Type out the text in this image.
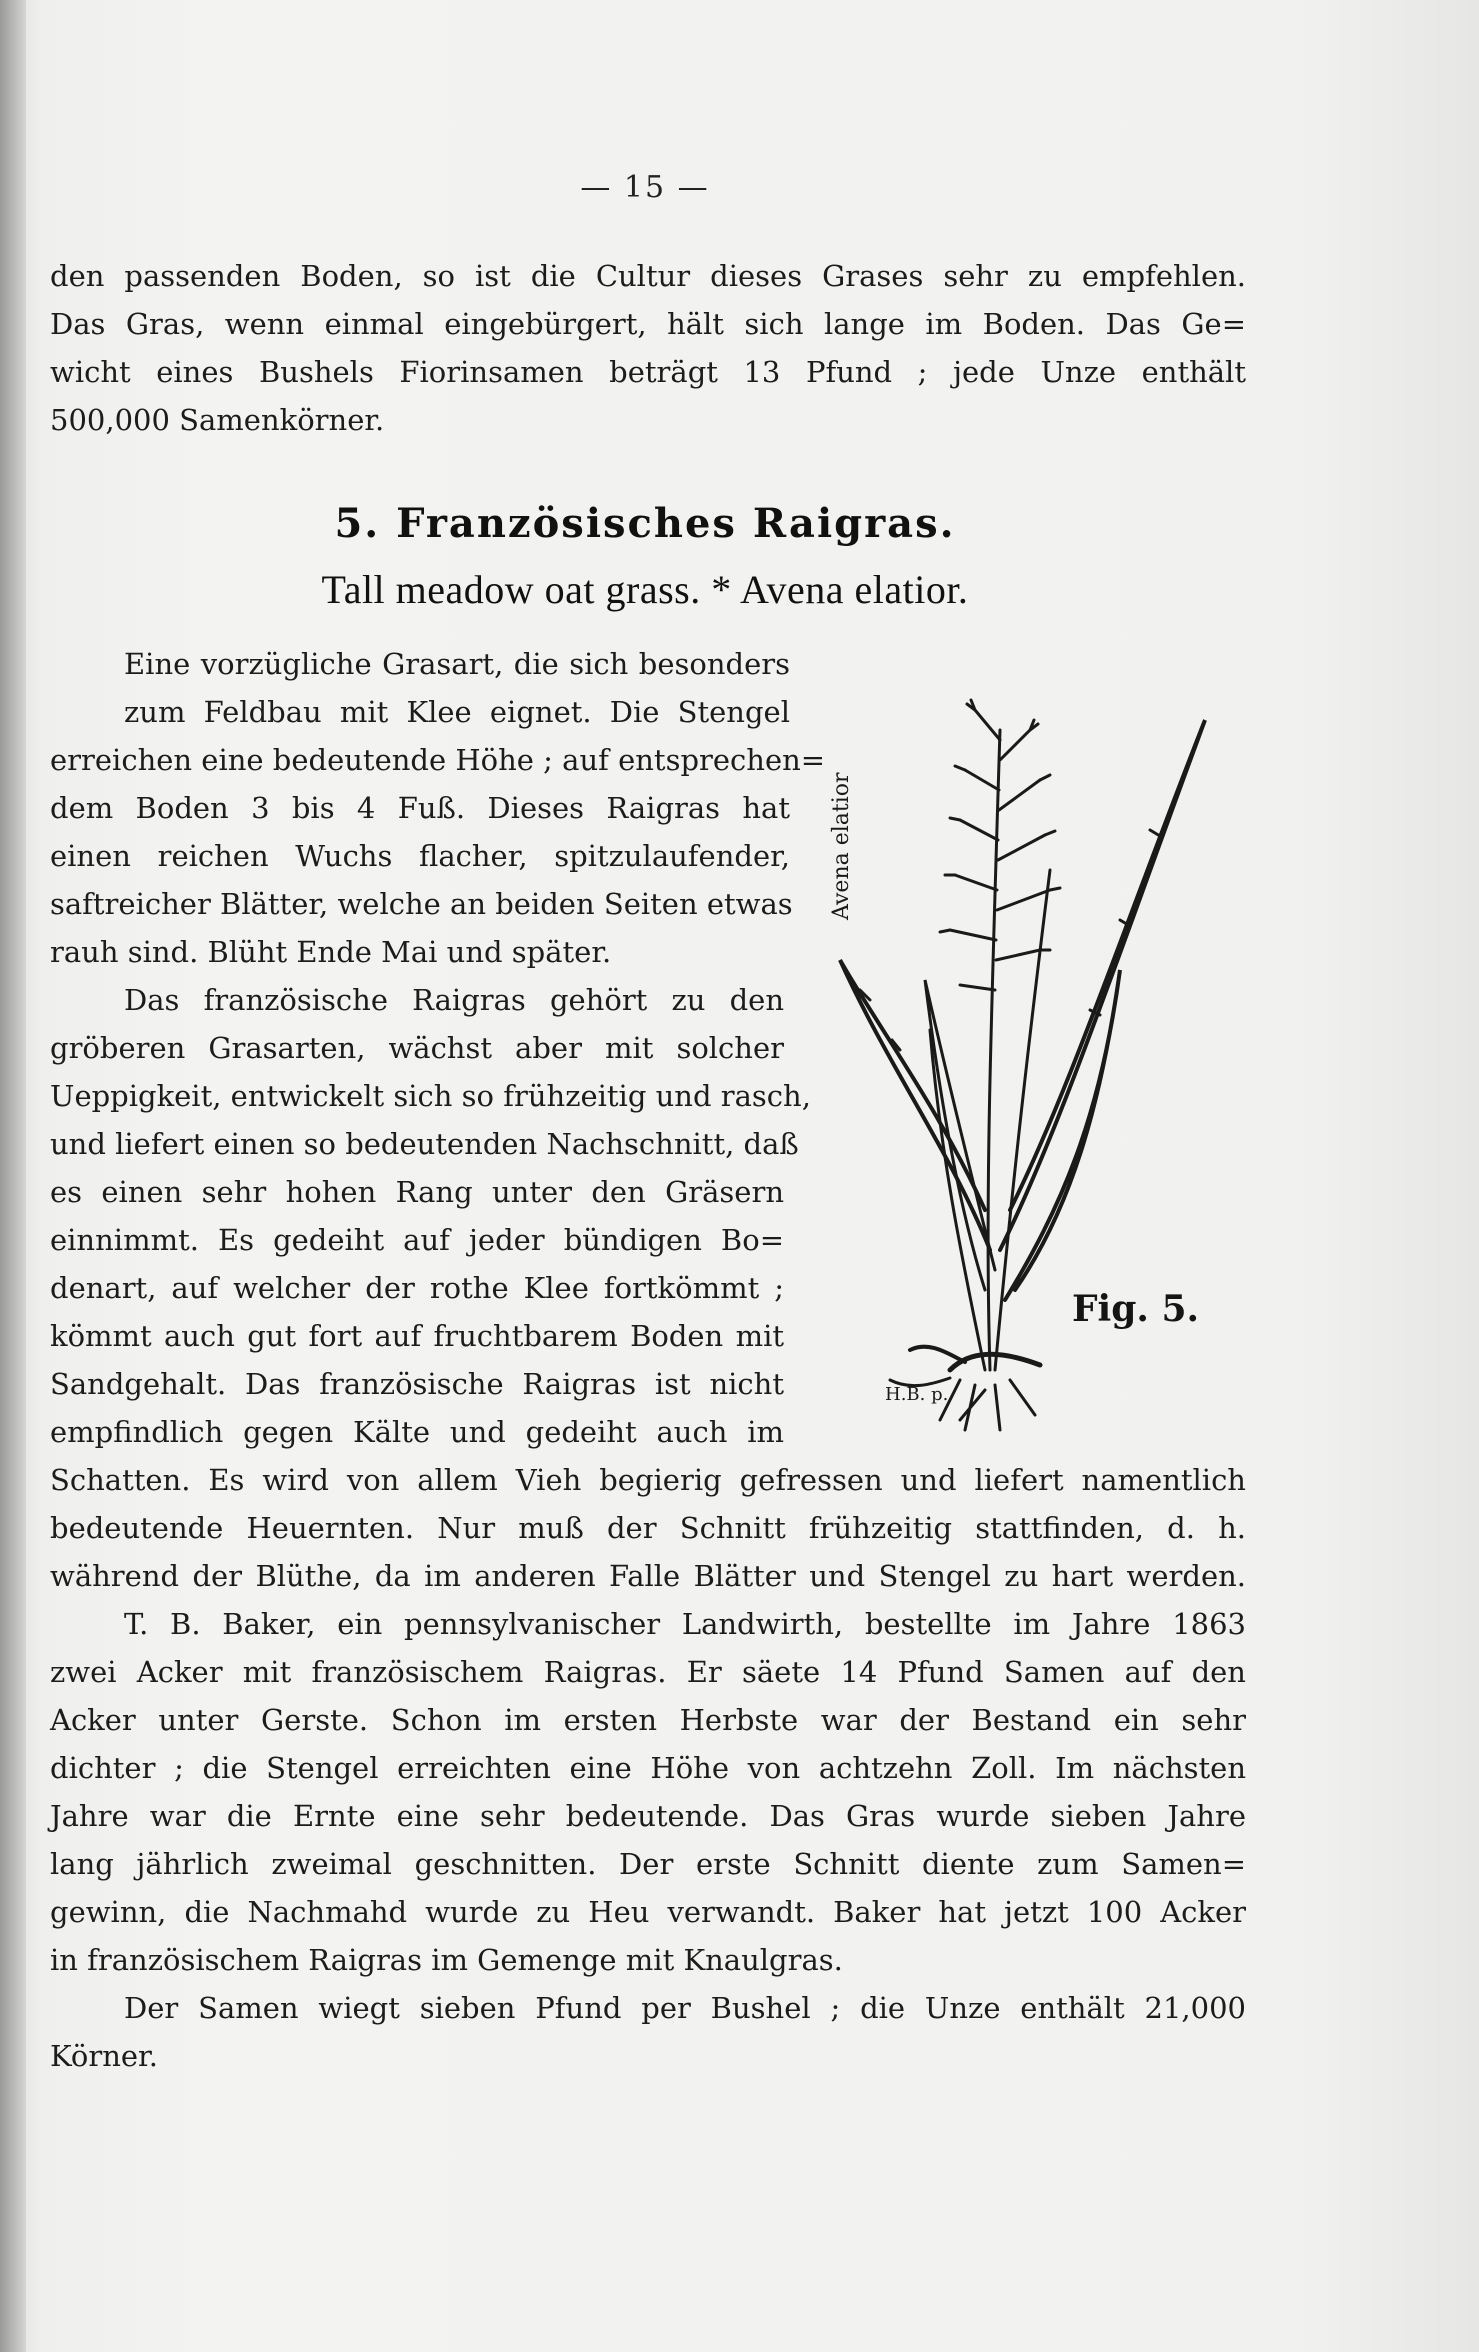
— 15 —
den passenden Boden, so ist die Cultur dieses Grases sehr zu empfehlen.
Das Gras, wenn einmal eingebürgert, hält sich lange im Boden. Das Ge=
wicht eines Bushels Fiorinsamen beträgt 13 Pfund ; jede Unze enthält
500,000 Samenkörner.
5. Französisches Raigras.
Tall meadow oat grass. * Avena elatior.
Eine vorzügliche Grasart, die sich besonders
zum Feldbau mit Klee eignet. Die Stengel
erreichen eine bedeutende Höhe ; auf entsprechen=
dem Boden 3 bis 4 Fuß. Dieses Raigras hat
einen reichen Wuchs flacher, spitzulaufender,
saftreicher Blätter, welche an beiden Seiten etwas
rauh sind. Blüht Ende Mai und später.
Das französische Raigras gehört zu den
gröberen Grasarten, wächst aber mit solcher
Ueppigkeit, entwickelt sich so frühzeitig und rasch,
und liefert einen so bedeutenden Nachschnitt, daß
es einen sehr hohen Rang unter den Gräsern
einnimmt. Es gedeiht auf jeder bündigen Bo=
denart, auf welcher der rothe Klee fortkömmt ;
kömmt auch gut fort auf fruchtbarem Boden mit
Sandgehalt. Das französische Raigras ist nicht
empfindlich gegen Kälte und gedeiht auch im
Schatten. Es wird von allem Vieh begierig gefressen und liefert namentlich
bedeutende Heuernten. Nur muß der Schnitt frühzeitig stattfinden, d. h.
während der Blüthe, da im anderen Falle Blätter und Stengel zu hart werden.
T. B. Baker, ein pennsylvanischer Landwirth, bestellte im Jahre 1863
zwei Acker mit französischem Raigras. Er säete 14 Pfund Samen auf den
Acker unter Gerste. Schon im ersten Herbste war der Bestand ein sehr
dichter ; die Stengel erreichten eine Höhe von achtzehn Zoll. Im nächsten
Jahre war die Ernte eine sehr bedeutende. Das Gras wurde sieben Jahre
lang jährlich zweimal geschnitten. Der erste Schnitt diente zum Samen=
gewinn, die Nachmahd wurde zu Heu verwandt. Baker hat jetzt 100 Acker
in französischem Raigras im Gemenge mit Knaulgras.
Der Samen wiegt sieben Pfund per Bushel ; die Unze enthält 21,000
Körner.
Avena elatior
H.B. p.
Fig. 5.
